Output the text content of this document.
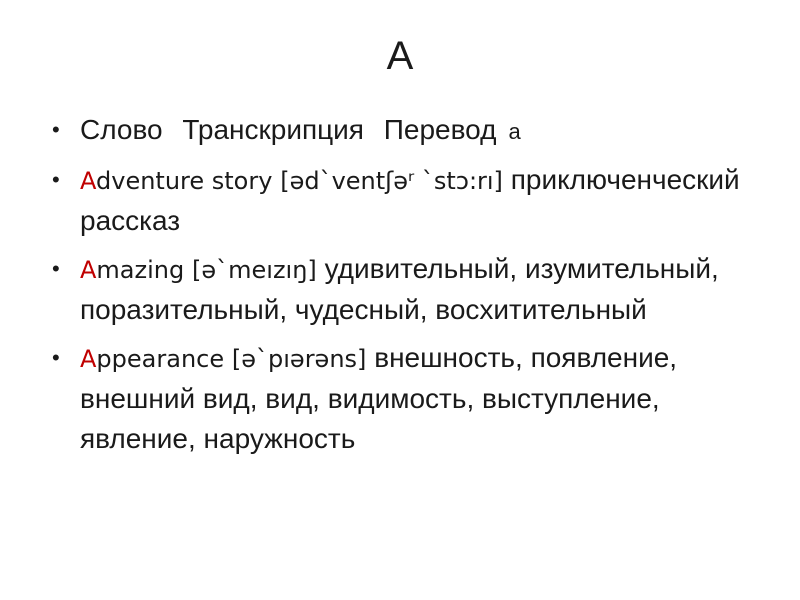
A
• Слово Транскрипция Перевод a
• Adventure story [əd`ventʃəʳ `stɔ:rı] приключенческий рассказ
• Amazing [ə`meızıŋ] удивительный, изумительный, поразительный, чудесный, восхитительный
• Appearance [ə`pıərəns] внешность, появление, внешний вид, вид, видимость, выступление, явление, наружность
